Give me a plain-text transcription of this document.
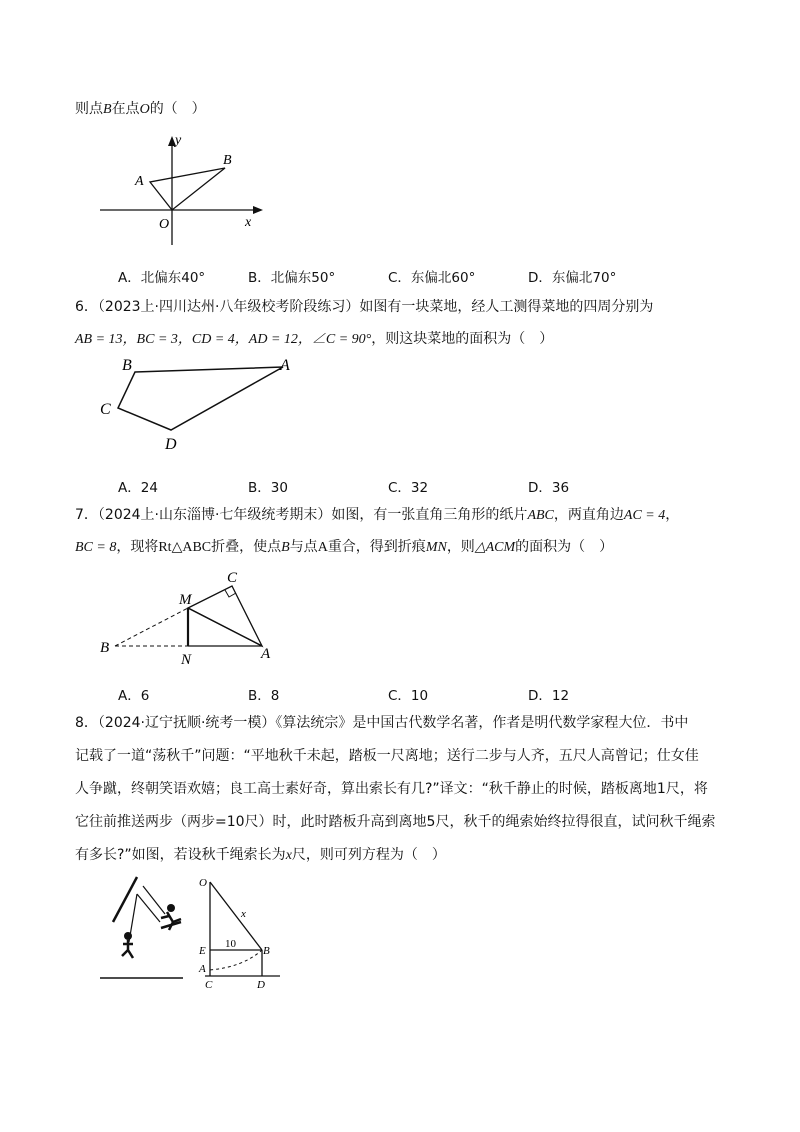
则点B在点O的（　）
y
x
A
B
O
A．北偏东40°	B．北偏东50°	C．东偏北60°	D．东偏北70°
6．（2023上·四川达州·八年级校考阶段练习）如图有一块菜地，经人工测得菜地的四周分别为
AB = 13，BC = 3，CD = 4，AD = 12，∠C = 90°，则这块菜地的面积为（　）
B	A
C
D
A．24	B．30	C．32	D．36
7．（2024上·山东淄博·七年级统考期末）如图，有一张直角三角形的纸片ABC，两直角边AC = 4，
BC = 8，现将Rt△ABC折叠，使点B与点A重合，得到折痕MN，则△ACM的面积为（　）
B
N	A
C
M
A．6	B．8	C．10	D．12
8．（2024·辽宁抚顺·统考一模）《算法统宗》是中国古代数学名著，作者是明代数学家程大位．书中
记载了一道“荡秋千”问题：“平地秋千未起，踏板一尺离地；送行二步与人齐，五尺人高曾记；仕女佳
人争蹴，终朝笑语欢嬉；良工高士素好奇，算出索长有几?”译文：“秋千静止的时候，踏板离地1尺，将
它往前推送两步（两步=10尺）时，此时踏板升高到离地5尺，秋千的绳索始终拉得很直，试问秋千绳索
有多长?”如图，若设秋千绳索长为x尺，则可列方程为（　）
O
x
E
10
B
A
C	D
